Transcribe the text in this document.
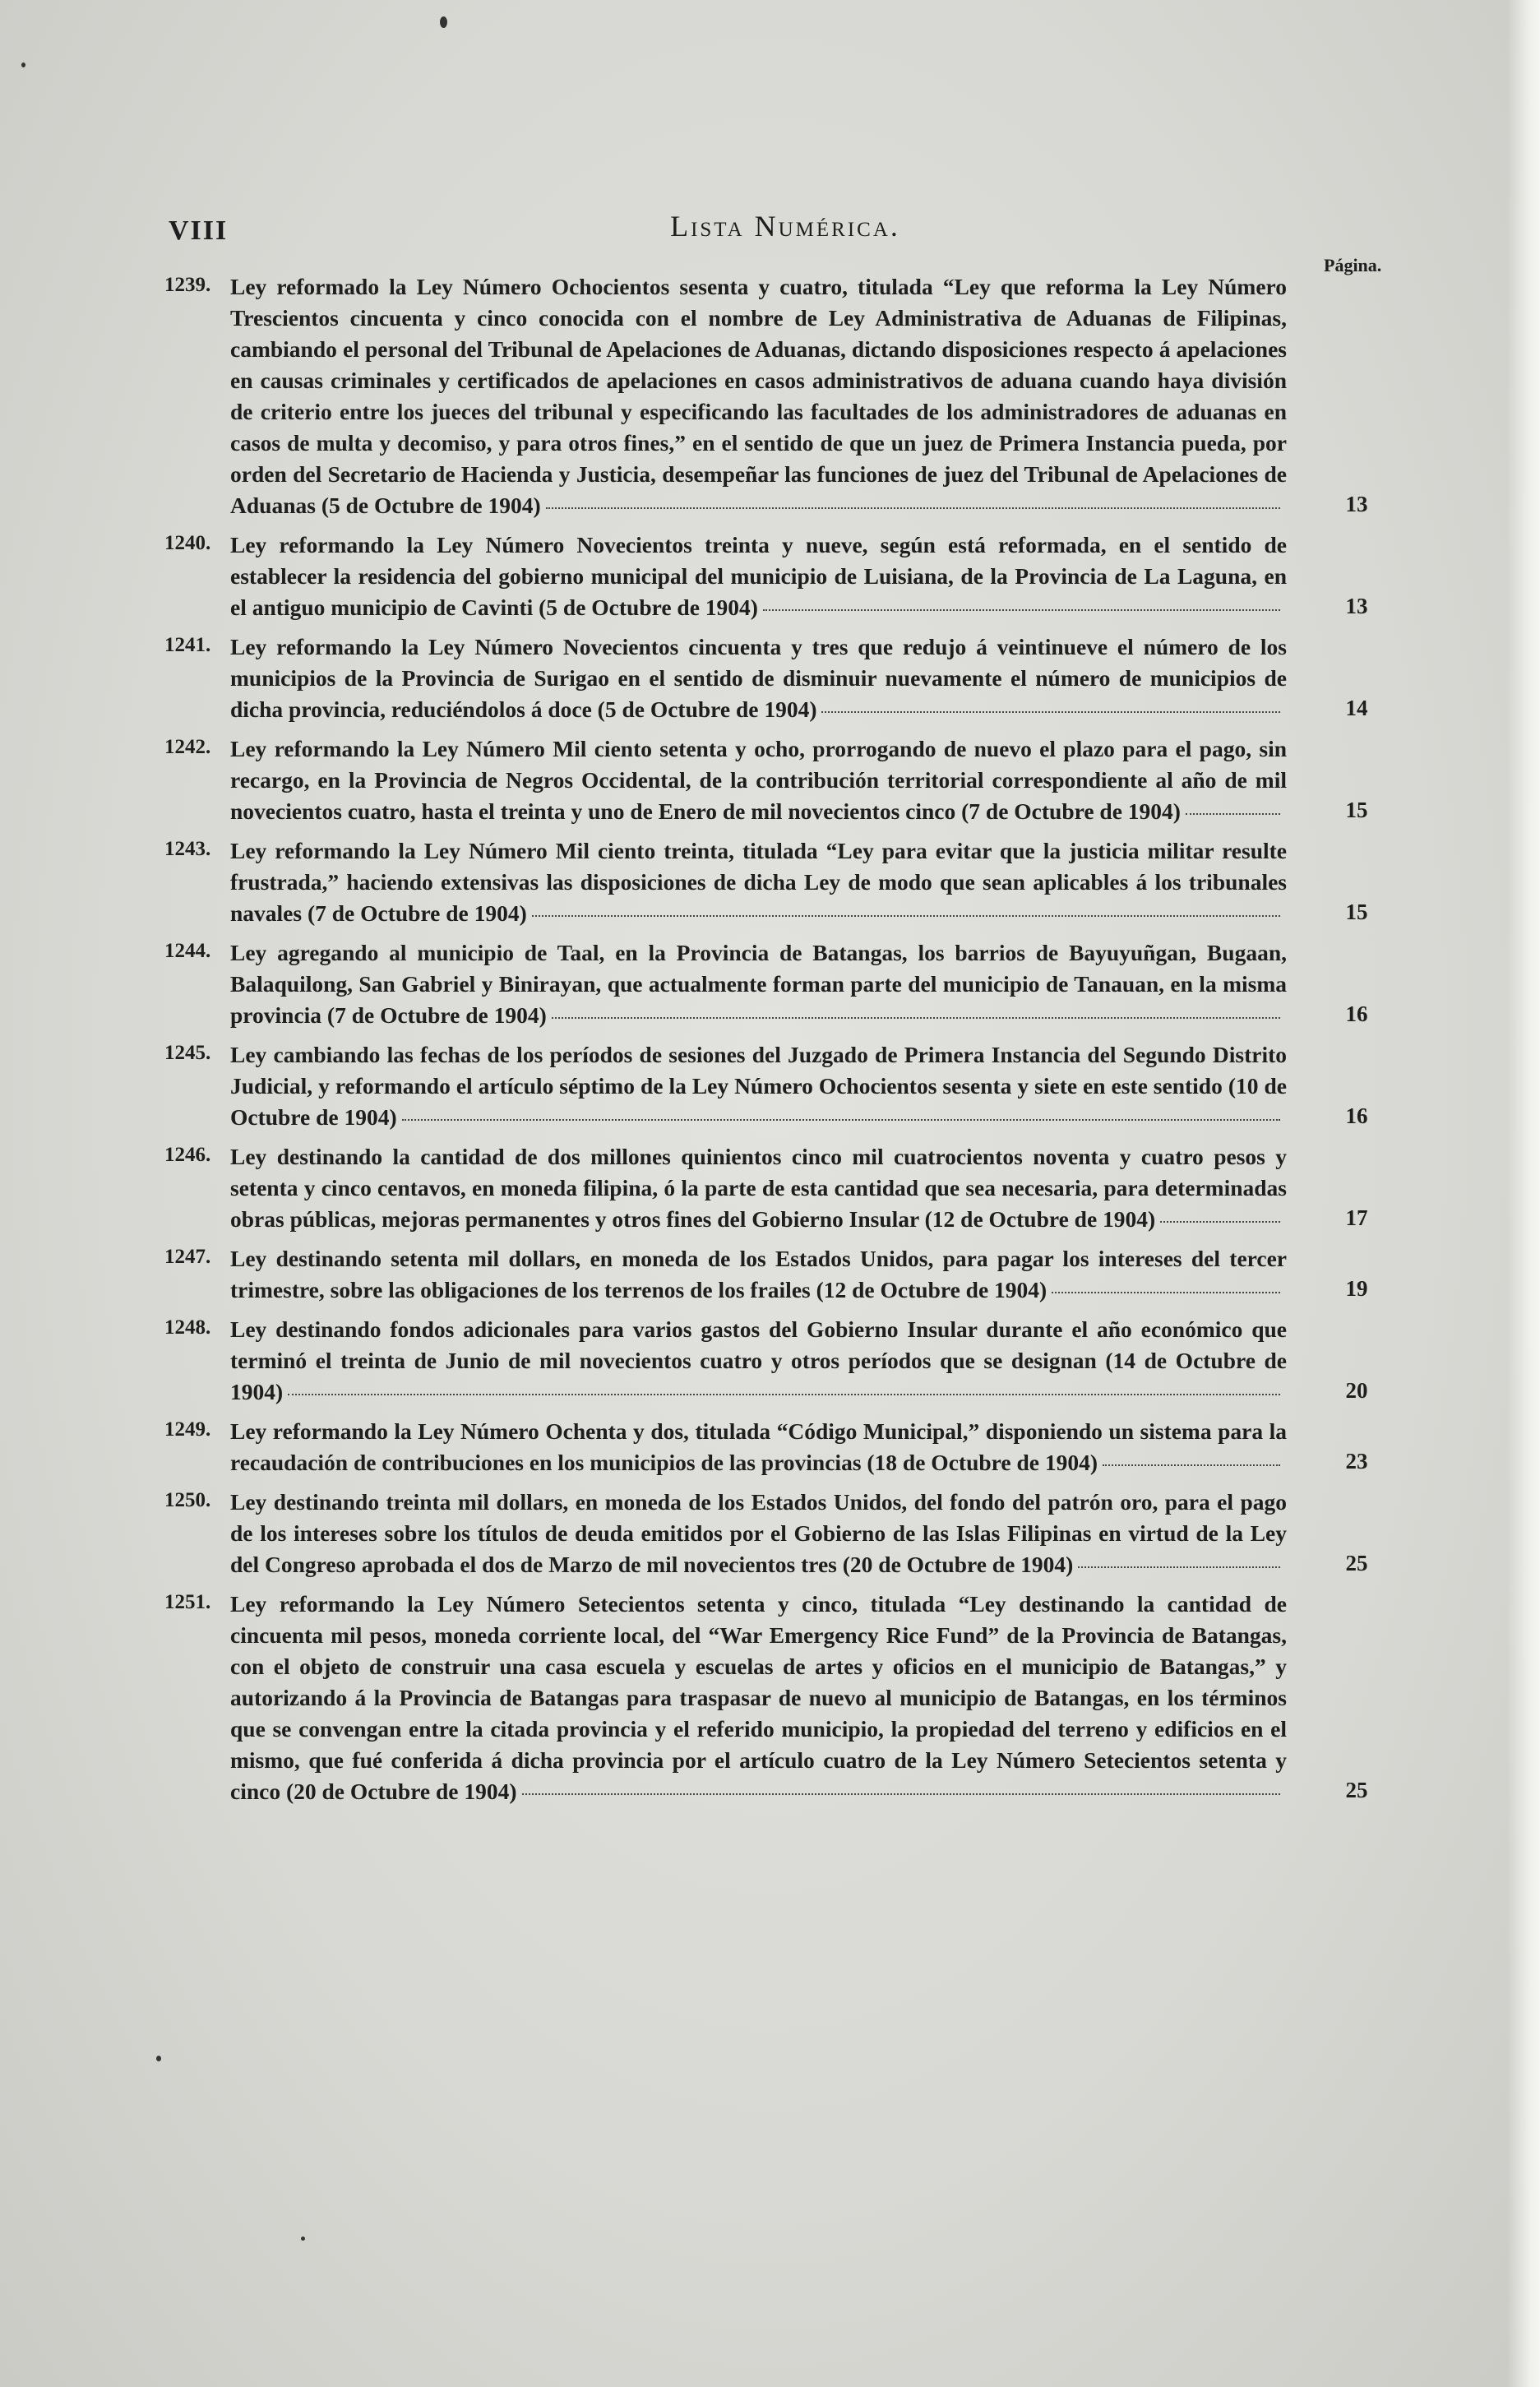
VIII	Lista Numérica.
Página.
1239. Ley reformado la Ley Número Ochocientos sesenta y cuatro, titulada “Ley que reforma la Ley Número Trescientos cincuenta y cinco conocida con el nombre de Ley Administrativa de Aduanas de Filipinas, cambiando el personal del Tribunal de Apelaciones de Aduanas, dictando disposiciones respecto á apelaciones en causas criminales y certificados de apelaciones en casos administrativos de aduana cuando haya división de criterio entre los jueces del tribunal y especificando las facultades de los administradores de aduanas en casos de multa y decomiso, y para otros fines,” en el sentido de que un juez de Primera Instancia pueda, por orden del Secretario de Hacienda y Justicia, desempeñar las funciones de juez del Tribunal de Apelaciones de Aduanas (5 de Octubre de 1904)	13
1240. Ley reformando la Ley Número Novecientos treinta y nueve, según está reformada, en el sentido de establecer la residencia del gobierno municipal del municipio de Luisiana, de la Provincia de La Laguna, en el antiguo municipio de Cavinti (5 de Octubre de 1904)	13
1241. Ley reformando la Ley Número Novecientos cincuenta y tres que redujo á veintinueve el número de los municipios de la Provincia de Surigao en el sentido de disminuir nuevamente el número de municipios de dicha provincia, reduciéndolos á doce (5 de Octubre de 1904)	14
1242. Ley reformando la Ley Número Mil ciento setenta y ocho, prorrogando de nuevo el plazo para el pago, sin recargo, en la Provincia de Negros Occidental, de la contribución territorial correspondiente al año de mil novecientos cuatro, hasta el treinta y uno de Enero de mil novecientos cinco (7 de Octubre de 1904)	15
1243. Ley reformando la Ley Número Mil ciento treinta, titulada “Ley para evitar que la justicia militar resulte frustrada,” haciendo extensivas las disposiciones de dicha Ley de modo que sean aplicables á los tribunales navales (7 de Octubre de 1904)	15
1244. Ley agregando al municipio de Taal, en la Provincia de Batangas, los barrios de Bayuyuñgan, Bugaan, Balaquilong, San Gabriel y Binirayan, que actualmente forman parte del municipio de Tanauan, en la misma provincia (7 de Octubre de 1904)	16
1245. Ley cambiando las fechas de los períodos de sesiones del Juzgado de Primera Instancia del Segundo Distrito Judicial, y reformando el artículo séptimo de la Ley Número Ochocientos sesenta y siete en este sentido (10 de Octubre de 1904)	16
1246. Ley destinando la cantidad de dos millones quinientos cinco mil cuatrocientos noventa y cuatro pesos y setenta y cinco centavos, en moneda filipina, ó la parte de esta cantidad que sea necesaria, para determinadas obras públicas, mejoras permanentes y otros fines del Gobierno Insular (12 de Octubre de 1904)	17
1247. Ley destinando setenta mil dollars, en moneda de los Estados Unidos, para pagar los intereses del tercer trimestre, sobre las obligaciones de los terrenos de los frailes (12 de Octubre de 1904)	19
1248. Ley destinando fondos adicionales para varios gastos del Gobierno Insular durante el año económico que terminó el treinta de Junio de mil novecientos cuatro y otros períodos que se designan (14 de Octubre de 1904)	20
1249. Ley reformando la Ley Número Ochenta y dos, titulada “Código Municipal,” disponiendo un sistema para la recaudación de contribuciones en los municipios de las provincias (18 de Octubre de 1904)	23
1250. Ley destinando treinta mil dollars, en moneda de los Estados Unidos, del fondo del patrón oro, para el pago de los intereses sobre los títulos de deuda emitidos por el Gobierno de las Islas Filipinas en virtud de la Ley del Congreso aprobada el dos de Marzo de mil novecientos tres (20 de Octubre de 1904)	25
1251. Ley reformando la Ley Número Setecientos setenta y cinco, titulada “Ley destinando la cantidad de cincuenta mil pesos, moneda corriente local, del “War Emergency Rice Fund” de la Provincia de Batangas, con el objeto de construir una casa escuela y escuelas de artes y oficios en el municipio de Batangas,” y autorizando á la Provincia de Batangas para traspasar de nuevo al municipio de Batangas, en los términos que se convengan entre la citada provincia y el referido municipio, la propiedad del terreno y edificios en el mismo, que fué conferida á dicha provincia por el artículo cuatro de la Ley Número Setecientos setenta y cinco (20 de Octubre de 1904)	25
